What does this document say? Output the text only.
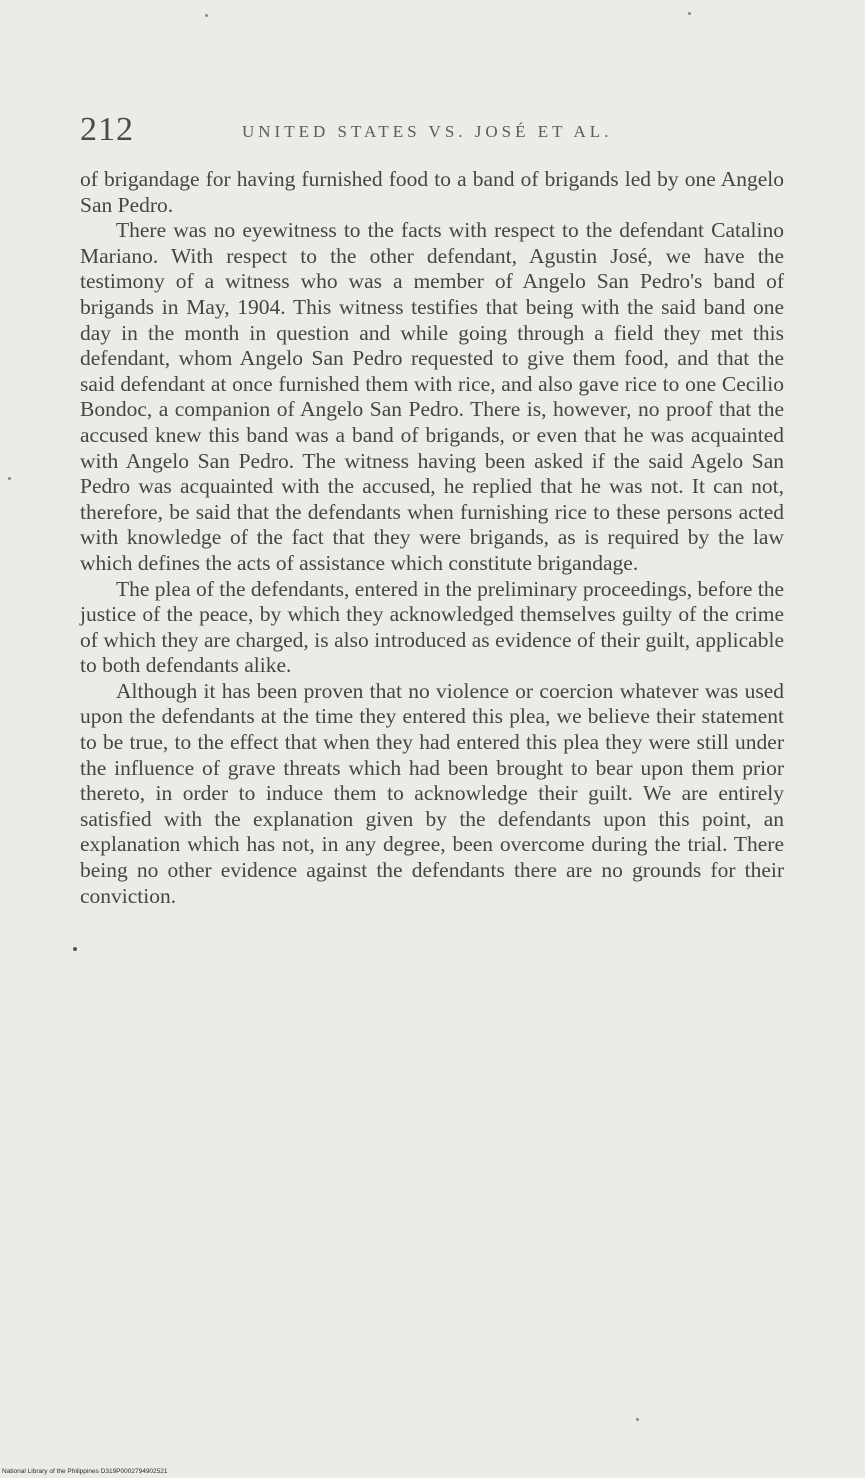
212	UNITED STATES VS. JOSÉ ET AL.

of brigandage for having furnished food to a band of brigands led by one Angelo San Pedro.

There was no eyewitness to the facts with respect to the defendant Catalino Mariano. With respect to the other defendant, Agustin José, we have the testimony of a witness who was a member of Angelo San Pedro's band of brigands in May, 1904. This witness testifies that being with the said band one day in the month in question and while going through a field they met this defendant, whom Angelo San Pedro requested to give them food, and that the said defendant at once furnished them with rice, and also gave rice to one Cecilio Bondoc, a companion of Angelo San Pedro. There is, however, no proof that the accused knew this band was a band of brigands, or even that he was acquainted with Angelo San Pedro. The witness having been asked if the said Agelo San Pedro was acquainted with the accused, he replied that he was not. It can not, therefore, be said that the defendants when furnishing rice to these persons acted with knowledge of the fact that they were brigands, as is required by the law which defines the acts of assistance which constitute brigandage.

The plea of the defendants, entered in the preliminary proceedings, before the justice of the peace, by which they acknowledged themselves guilty of the crime of which they are charged, is also introduced as evidence of their guilt, applicable to both defendants alike.

Although it has been proven that no violence or coercion whatever was used upon the defendants at the time they entered this plea, we believe their statement to be true, to the effect that when they had entered this plea they were still under the influence of grave threats which had been brought to bear upon them prior thereto, in order to induce them to acknowledge their guilt. We are entirely satisfied with the explanation given by the defendants upon this point, an explanation which has not, in any degree, been overcome during the trial. There being no other evidence against the defendants there are no grounds for their conviction.

National Library of the Philippines D319P0002794902521
